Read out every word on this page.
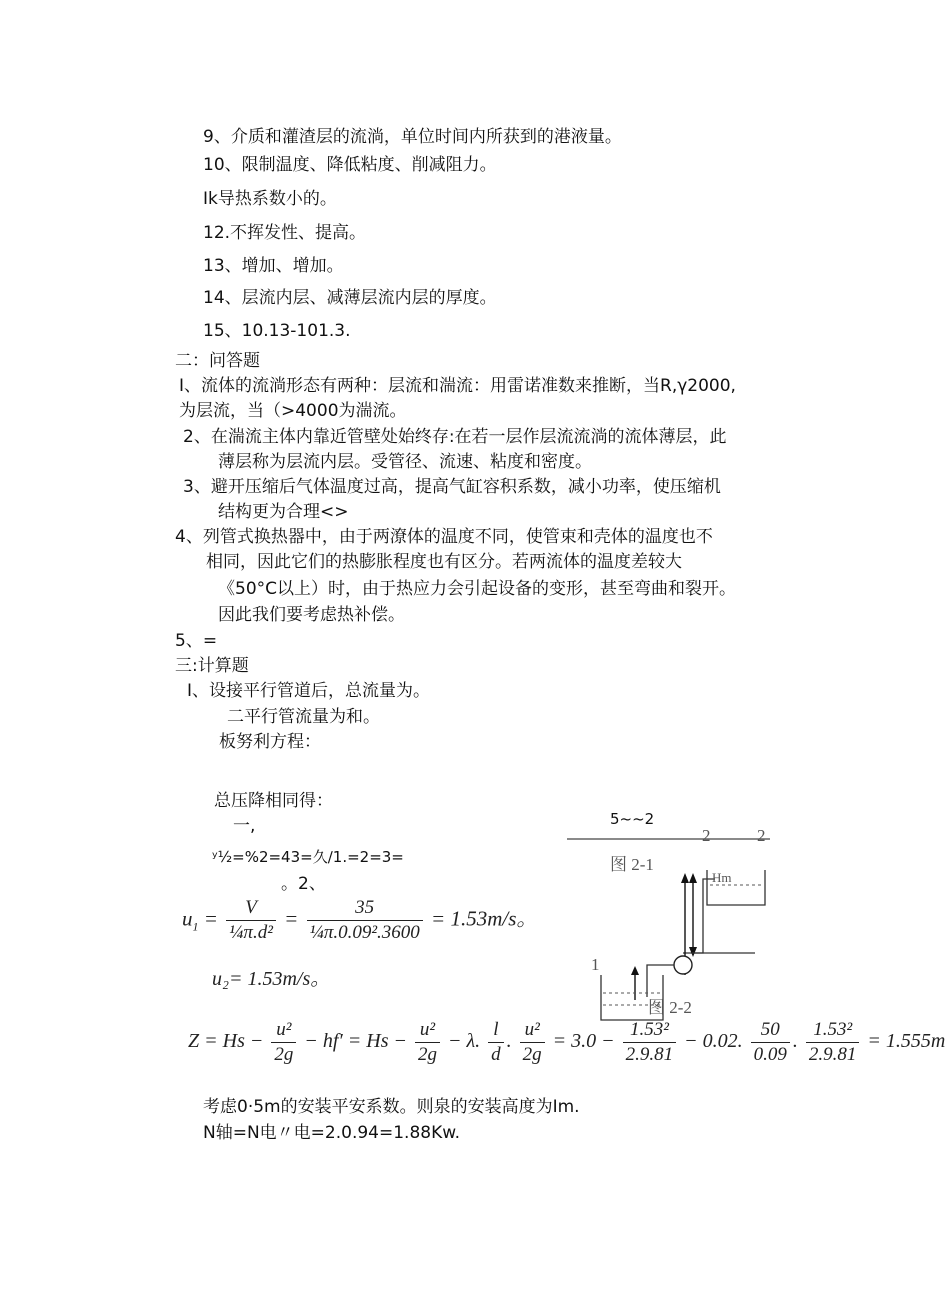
9、介质和灌渣层的流淌，单位时间内所获到的港液量。
10、限制温度、降低粘度、削减阻力。
Ik导热系数小的。
12.不挥发性、提高。
13、增加、增加。
14、层流内层、减薄层流内层的厚度。
15、10.13-101.3.
二：问答题
I、流体的流淌形态有两种：层流和湍流：用雷诺准数来推断，当R,γ2000,
为层流，当（>4000为湍流。
2、在湍流主体内靠近管壁处始终存:在若一层作层流流淌的流体薄层，此
薄层称为层流内层。受管径、流速、粘度和密度。
3、避开压缩后气体温度过高，提高气缸容积系数，减小功率，使压缩机
结构更为合理<>
4、列管式换热器中，由于两潦体的温度不同，使管束和壳体的温度也不
相同，因此它们的热膨胀程度也有区分。若两流体的温度差较大
《50°C以上）时，由于热应力会引起设备的变形，甚至弯曲和裂开。
因此我们要考虑热补偿。
5、=
三:计算题
I、设接平行管道后，总流量为。
二平行管流量为和。
板努利方程：
总压降相同得：
一,
ʸ½=%2=43=久∕1.=2=3=
。2、
$u_1 = \frac{V}{\text{¼π.d²}} = \frac{35}{\text{¼π.0.09².3600}} = 1.53m/s$。
u₂= 1.53m/s。
$Z = Hs - \frac{\text{u²}}{2g} - hf' = Hs - \frac{\text{u²}}{2g} - \lambda$. $\frac{l}{d}$ . $\frac{\text{u²}}{2g} = 3.0 - \frac{\text{1.53²}}{2.9.81} - 0.02$. $\frac{50}{0.09}$ . $\frac{\text{1.53²}}{2.9.81} = 1.555m$
考虑0·5m的安装平安系数。则泉的安装高度为Im.
N轴=N电〃电=2.0.94=1.88Kw.
5~~2
2	2
图 2-1
Hm
1
图 2-2
